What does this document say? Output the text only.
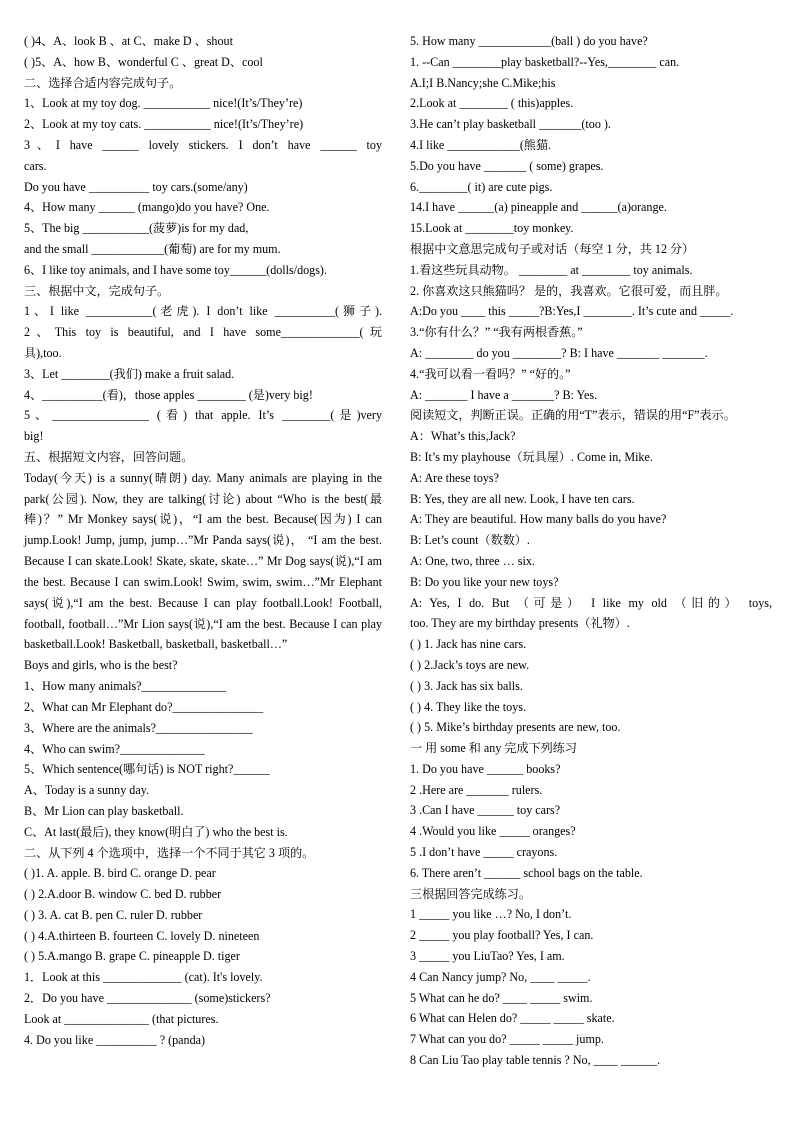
( )4、A、look B 、at C、make D 、shout
( )5、A、how B、wonderful C 、great D、cool
二、选择合适内容完成句子。
1、Look at my toy dog. ___________ nice!(It’s/They’re)
2、Look at my toy cats. ___________ nice!(It’s/They’re)
3、I have ______ lovely stickers. I don’t have ______ toy
cars.
Do you have __________ toy cars.(some/any)
4、How many ______ (mango)do you have? One.
5、The big ___________(菠萝)is for my dad,
and the small ____________(葡萄) are for my mum.
6、I like toy animals, and I have some toy______(dolls/dogs).
三、根据中文，完成句子。
1、I like ___________(老虎). I don’t like __________(狮子).
2、This toy is beautiful, and I have some_____________(玩
具),too.
3、Let ________(我们) make a fruit salad.
4、__________(看)，those apples ________ (是)very big!
5、________________ (看) that apple. It’s ________(是)very
big!
五、根据短文内容，回答问题。
Today(今天) is a sunny(晴朗) day. Many animals are playing in the park(公园). Now, they are talking(讨论) about “Who is the best(最棒)？” Mr Monkey says(说)，“I am the best. Because(因为) I can jump.Look! Jump, jump, jump…”Mr Panda says(说)， “I am the best. Because I can skate.Look! Skate, skate, skate…” Mr Dog says(说),“I am the best. Because I can swim.Look! Swim, swim, swim…”Mr Elephant says(说),“I am the best. Because I can play football.Look! Football, football, football…”Mr Lion says(说),“I am the best. Because I can play basketball.Look! Basketball, basketball, basketball…”
Boys and girls, who is the best?
1、How many animals?______________
2、What can Mr Elephant do?_______________
3、Where are the animals?________________
4、Who can swim?______________
5、Which sentence(哪句话) is NOT right?______
A、Today is a sunny day.
B、Mr Lion can play basketball.
C、At last(最后), they know(明白了) who the best is.
二、从下列 4 个选项中，选择一个不同于其它 3 项的。
( )1. A. apple. B. bird C. orange D. pear
( ) 2.A.door B. window C. bed D. rubber
( ) 3. A. cat B. pen C. ruler D. rubber
( ) 4.A.thirteen B. fourteen C. lovely D. nineteen
( ) 5.A.mango B. grape C. pineapple D. tiger
1．Look at this _____________ (cat). It's lovely.
2．Do you have ______________ (some)stickers?
Look at ______________ (that pictures.
4. Do you like __________ ? (panda)
5. How many ____________(ball ) do you have?
1. --Can ________play basketball?--Yes,________ can.
A.I;I B.Nancy;she C.Mike;his
2.Look at ________ ( this)apples.
3.He can’t play basketball _______(too ).
4.I like ____________(熊猫.
5.Do you have _______ ( some) grapes.
6.________( it) are cute pigs.
14.I have ______(a) pineapple and ______(a)orange.
15.Look at ________toy monkey.
根据中文意思完成句子或对话（每空 1 分，共 12 分）
1.看这些玩具动物。 ________ at ________ toy animals.
2. 你喜欢这只熊猫吗？ 是的，我喜欢。它很可爱，而且胖。
A:Do you ____ this _____?B:Yes,I ________. It’s cute and _____.
3.“你有什么？” “我有两根香蕉。”
A: ________ do you ________? B: I have _______ _______.
4.“我可以看一看吗？” “好的。”
A: _______ I have a _______? B: Yes.
阅读短文，判断正误。正确的用“T”表示，错误的用“F”表示。
A：What’s this,Jack?
B: It’s my playhouse（玩具屋）. Come in, Mike.
A: Are these toys?
B: Yes, they are all new. Look, I have ten cars.
A: They are beautiful. How many balls do you have?
B: Let’s count（数数）.
A: One, two, three … six.
B: Do you like your new toys?
A: Yes, I do. But （可是） I like my old （旧的） toys,
too. They are my birthday presents（礼物）.
( ) 1. Jack has nine cars.
( ) 2.Jack’s toys are new.
( ) 3. Jack has six balls.
( ) 4. They like the toys.
( ) 5. Mike’s birthday presents are new, too.
一 用 some 和 any 完成下列练习
1. Do you have ______ books?
2 .Here are _______ rulers.
3 .Can I have ______ toy cars?
4 .Would you like _____ oranges?
5 .I don’t have _____ crayons.
6. There aren’t ______ school bags on the table.
三根据回答完成练习。
1 _____ you like …? No, I don’t.
2 _____ you play football? Yes, I can.
3 _____ you LiuTao? Yes, I am.
4 Can Nancy jump? No, ____ _____.
5 What can he do? ____ _____ swim.
6 What can Helen do? _____ _____ skate.
7 What can you do? _____ _____ jump.
8 Can Liu Tao play table tennis ? No, ____ ______.
